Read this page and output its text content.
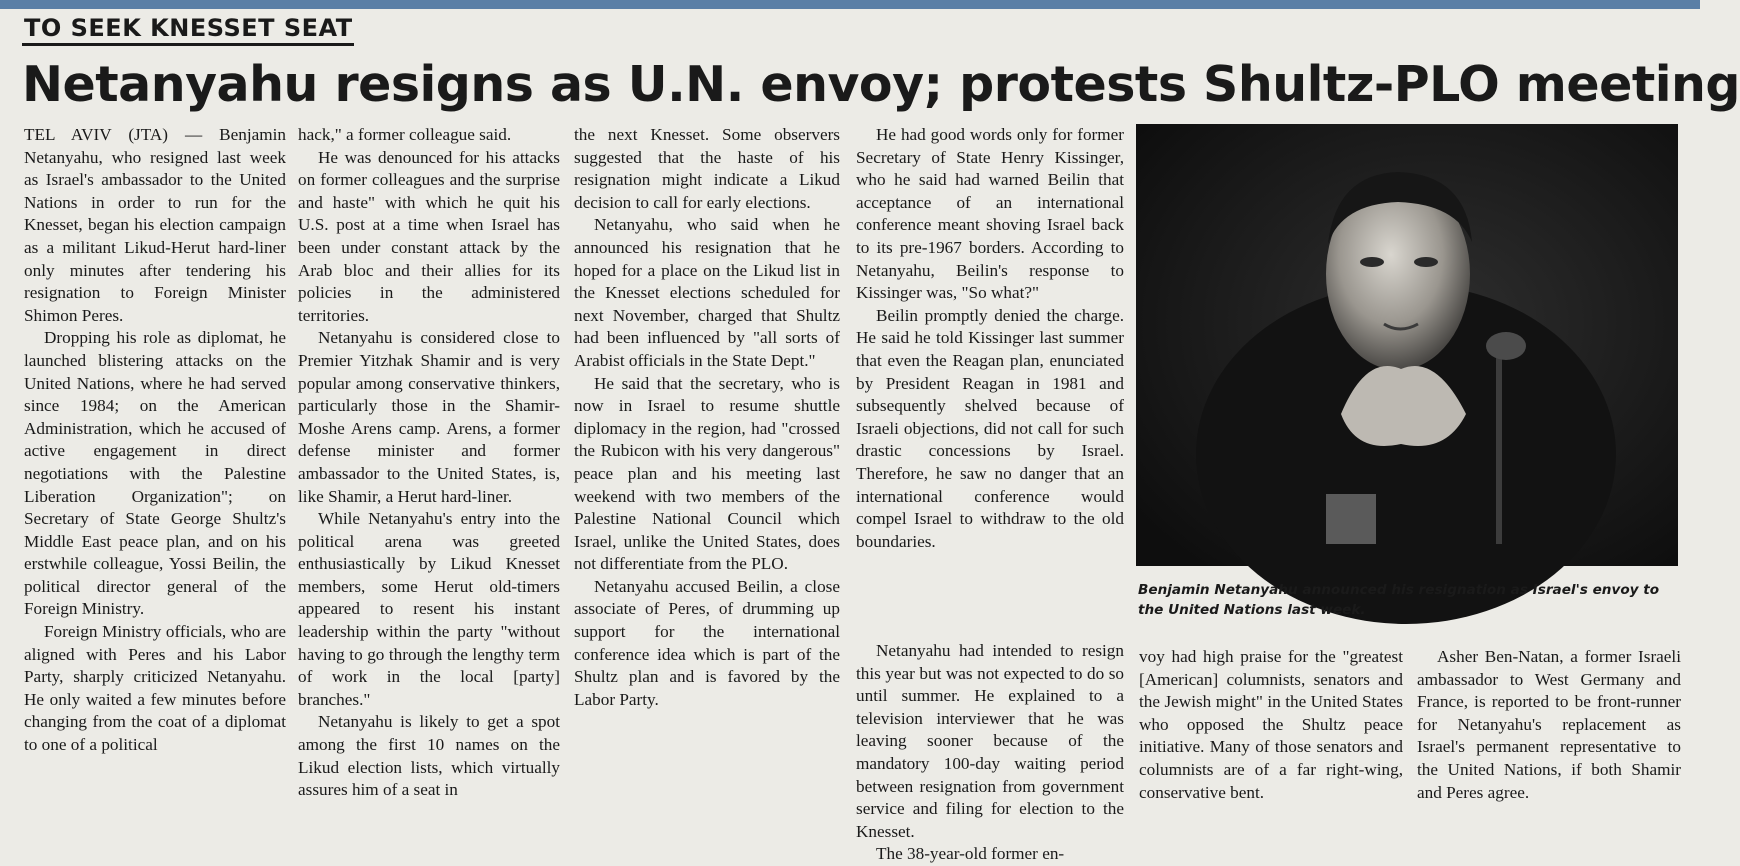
TO SEEK KNESSET SEAT
Netanyahu resigns as U.N. envoy; protests Shultz-PLO meeting

TEL AVIV (JTA) — Benjamin Netanyahu, who resigned last week as Israel's ambassador to the United Nations in order to run for the Knesset, began his election campaign as a militant Likud-Herut hard-liner only minutes after tendering his resignation to Foreign Minister Shimon Peres.

Dropping his role as diplomat, he launched blistering attacks on the United Nations, where he had served since 1984; on the American Administration, which he accused of active engagement in direct negotiations with the Palestine Liberation Organization"; on Secretary of State George Shultz's Middle East peace plan, and on his erstwhile colleague, Yossi Beilin, the political director general of the Foreign Ministry.

Foreign Ministry officials, who are aligned with Peres and his Labor Party, sharply criticized Netanyahu. He only waited a few minutes before changing from the coat of a diplomat to one of a political

hack," a former colleague said.

He was denounced for his attacks on former colleagues and the surprise and haste" with which he quit his U.S. post at a time when Israel has been under constant attack by the Arab bloc and their allies for its policies in the administered territories.

Netanyahu is considered close to Premier Yitzhak Shamir and is very popular among conservative thinkers, particularly those in the Shamir-Moshe Arens camp. Arens, a former defense minister and former ambassador to the United States, is, like Shamir, a Herut hard-liner.

While Netanyahu's entry into the political arena was greeted enthusiastically by Likud Knesset members, some Herut old-timers appeared to resent his instant leadership within the party "without having to go through the lengthy term of work in the local [party] branches."

Netanyahu is likely to get a spot among the first 10 names on the Likud election lists, which virtually assures him of a seat in

the next Knesset. Some observers suggested that the haste of his resignation might indicate a Likud decision to call for early elections.

Netanyahu, who said when he announced his resignation that he hoped for a place on the Likud list in the Knesset elections scheduled for next November, charged that Shultz had been influenced by "all sorts of Arabist officials in the State Dept."

He said that the secretary, who is now in Israel to resume shuttle diplomacy in the region, had "crossed the Rubicon with his very dangerous" peace plan and his meeting last weekend with two members of the Palestine National Council which Israel, unlike the United States, does not differentiate from the PLO.

Netanyahu accused Beilin, a close associate of Peres, of drumming up support for the international conference idea which is part of the Shultz plan and is favored by the Labor Party.

He had good words only for former Secretary of State Henry Kissinger, who he said had warned Beilin that acceptance of an international conference meant shoving Israel back to its pre-1967 borders. According to Netanyahu, Beilin's response to Kissinger was, "So what?"

Beilin promptly denied the charge. He said he told Kissinger last summer that even the Reagan plan, enunciated by President Reagan in 1981 and subsequently shelved because of Israeli objections, did not call for such drastic concessions by Israel. Therefore, he saw no danger that an international conference would compel Israel to withdraw to the old boundaries.

Netanyahu had intended to resign this year but was not expected to do so until summer. He explained to a television interviewer that he was leaving sooner because of the mandatory 100-day waiting period between resignation from government service and filing for election to the Knesset.

The 38-year-old former en-

Benjamin Netanyahu announced his resignation as Israel's envoy to the United Nations last week.

voy had high praise for the "greatest [American] columnists, senators and the Jewish might" in the United States who opposed the Shultz peace initiative. Many of those senators and columnists are of a far right-wing, conservative bent.

Asher Ben-Natan, a former Israeli ambassador to West Germany and France, is reported to be front-runner for Netanyahu's replacement as Israel's permanent representative to the United Nations, if both Shamir and Peres agree.
